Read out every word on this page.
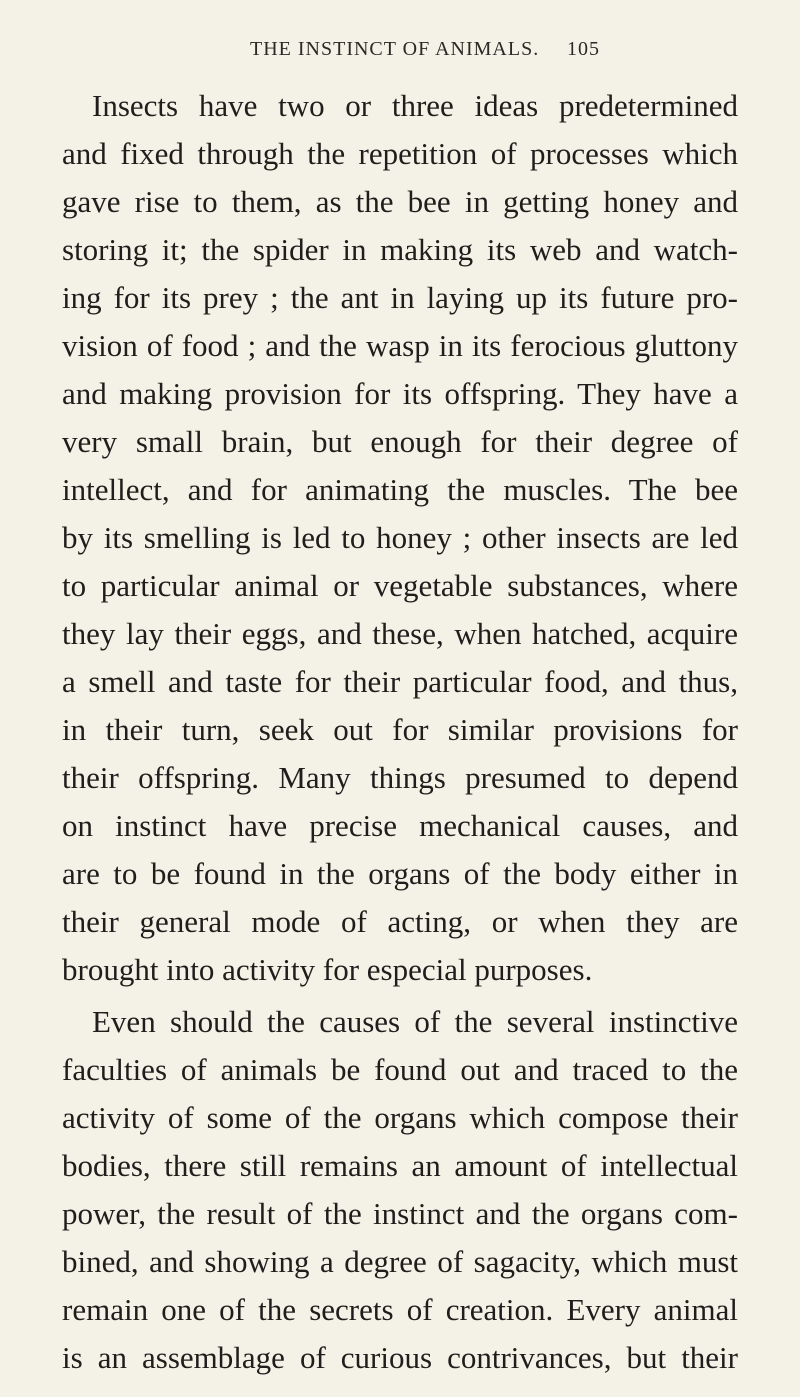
THE INSTINCT OF ANIMALS. 105
Insects have two or three ideas predetermined
and fixed through the repetition of processes which
gave rise to them, as the bee in getting honey and
storing it; the spider in making its web and watch-
ing for its prey ; the ant in laying up its future pro-
vision of food ; and the wasp in its ferocious gluttony
and making provision for its offspring. They have a
very small brain, but enough for their degree of
intellect, and for animating the muscles. The bee
by its smelling is led to honey ; other insects are led
to particular animal or vegetable substances, where
they lay their eggs, and these, when hatched, acquire
a smell and taste for their particular food, and thus,
in their turn, seek out for similar provisions for
their offspring. Many things presumed to depend
on instinct have precise mechanical causes, and
are to be found in the organs of the body either in
their general mode of acting, or when they are
brought into activity for especial purposes.
Even should the causes of the several instinctive
faculties of animals be found out and traced to the
activity of some of the organs which compose their
bodies, there still remains an amount of intellectual
power, the result of the instinct and the organs com-
bined, and showing a degree of sagacity, which must
remain one of the secrets of creation. Every animal
is an assemblage of curious contrivances, but their
